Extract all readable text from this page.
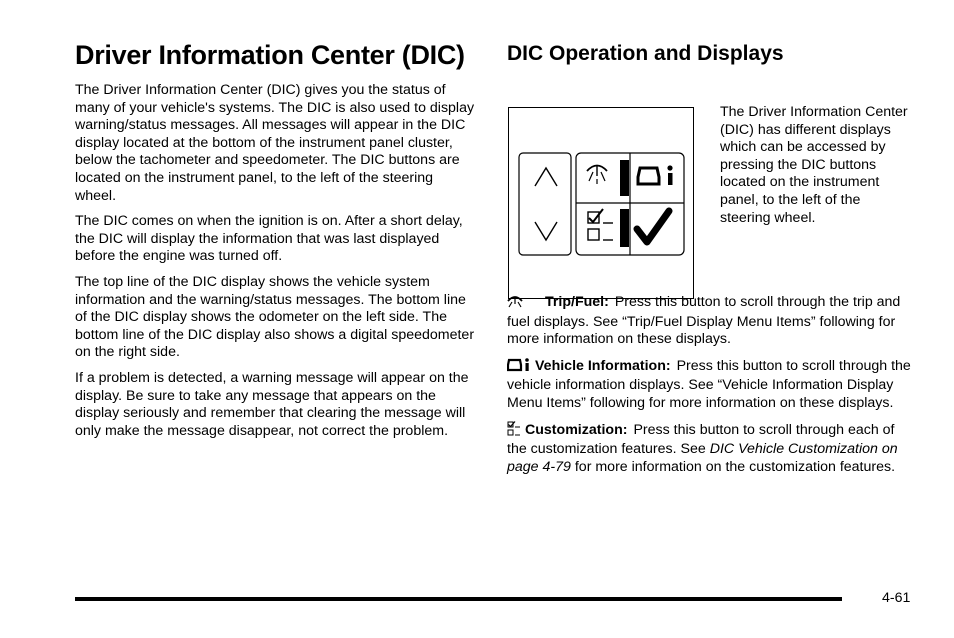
Driver Information Center (DIC)

The Driver Information Center (DIC) gives you the status of many of your vehicle's systems. The DIC is also used to display warning/status messages. All messages will appear in the DIC display located at the bottom of the instrument panel cluster, below the tachometer and speedometer. The DIC buttons are located on the instrument panel, to the left of the steering wheel.

The DIC comes on when the ignition is on. After a short delay, the DIC will display the information that was last displayed before the engine was turned off.

The top line of the DIC display shows the vehicle system information and the warning/status messages. The bottom line of the DIC display shows the odometer on the left side. The bottom line of the DIC display also shows a digital speedometer on the right side.

If a problem is detected, a warning message will appear on the display. Be sure to take any message that appears on the display seriously and remember that clearing the message will only make the message disappear, not correct the problem.

DIC Operation and Displays
The Driver Information Center (DIC) has different displays which can be accessed by pressing the DIC buttons located on the instrument panel, to the left of the steering wheel.

Trip/Fuel: Press this button to scroll through the trip and fuel displays. See “Trip/Fuel Display Menu Items” following for more information on these displays.

Vehicle Information: Press this button to scroll through the vehicle information displays. See “Vehicle Information Display Menu Items” following for more information on these displays.

Customization: Press this button to scroll through each of the customization features. See DIC Vehicle Customization on page 4-79 for more information on the customization features.

4-61
